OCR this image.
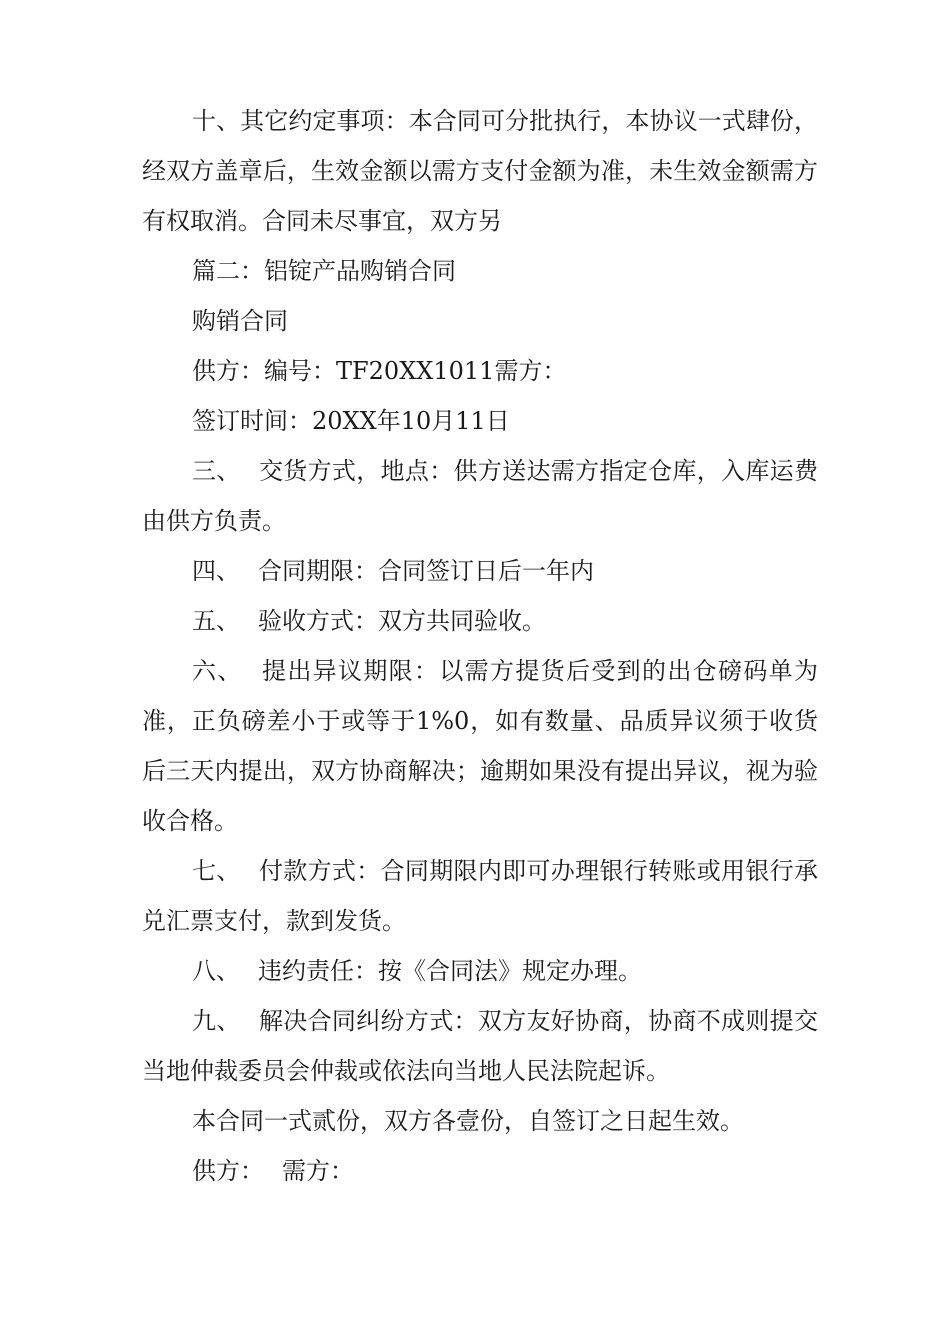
十、其它约定事项：本合同可分批执行，本协议一式肆份，经双方盖章后，生效金额以需方支付金额为准，未生效金额需方有权取消。合同未尽事宜，双方另

篇二：铝锭产品购销合同

购销合同

供方：编号：TF20XX1011需方：

签订时间：20XX年10月11日

三、 交货方式，地点：供方送达需方指定仓库，入库运费由供方负责。

四、 合同期限：合同签订日后一年内

五、 验收方式：双方共同验收。

六、 提出异议期限：以需方提货后受到的出仓磅码单为准，正负磅差小于或等于1%0，如有数量、品质异议须于收货后三天内提出，双方协商解决；逾期如果没有提出异议，视为验收合格。

七、 付款方式：合同期限内即可办理银行转账或用银行承兑汇票支付，款到发货。

八、 违约责任：按《合同法》规定办理。

九、 解决合同纠纷方式：双方友好协商，协商不成则提交当地仲裁委员会仲裁或依法向当地人民法院起诉。

本合同一式贰份，双方各壹份，自签订之日起生效。

供方： 需方：
